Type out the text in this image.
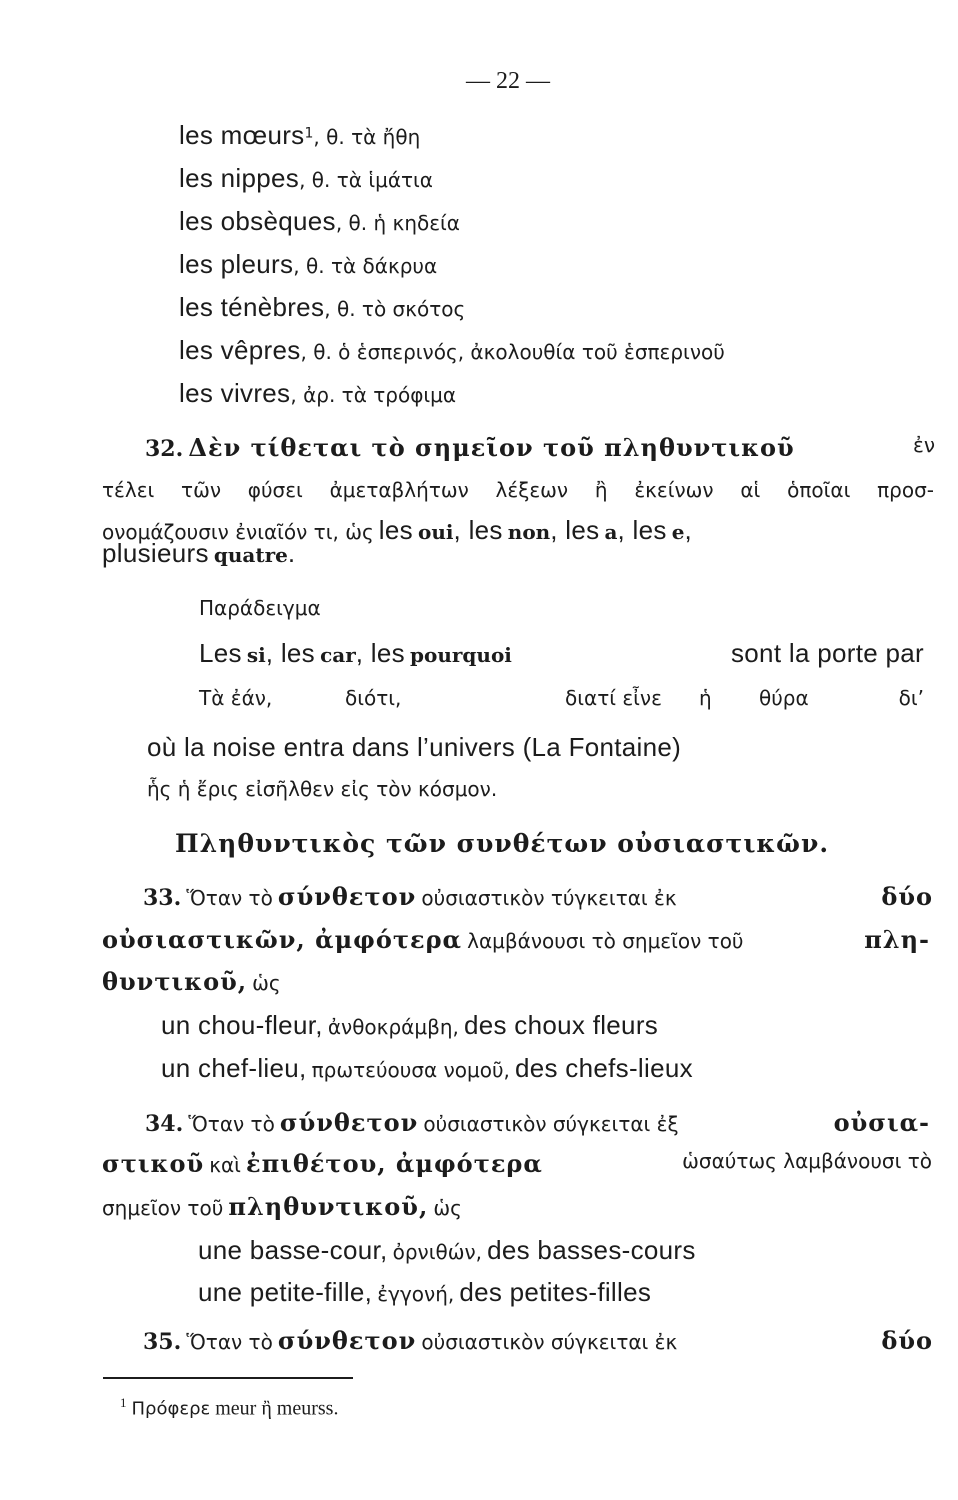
— 22 —
les mœurs$^1$, θ. τὰ ἤθη
les nippes, θ. τὰ ἱμάτια
les obsèques, θ. ἡ κηδεία
les pleurs, θ. τὰ δάκρυα
les ténèbres, θ. τὸ σκότος
les vêpres, θ. ὁ ἑσπερινός, ἀκολουθία τοῦ ἑσπερινοῦ
les vivres, ἀρ. τὰ τρόφιμα
32. Δὲν τίθεται τὸ σημεῖον τοῦ πληθυντικοῦ	ἐν
τέλει τῶν φύσει ἀμεταβλήτων λέξεων ἢ ἐκείνων αἱ ὁποῖαι προσ-
ονομάζουσιν ἐνιαῖόν τι, ὡς les oui, les non, les a, les e,
plusieurs quatre.
Παράδειγμα
Les si, les car, les pourquoi	sont la porte par
Τὰ ἐάν,	διότι,	διατί εἶνε ἡ θύρα	δι’
où la noise entra dans l’univers (La Fontaine)
ἧς ἡ ἔρις εἰσῆλθεν εἰς τὸν κόσμον.
Πληθυντικὸς τῶν συνθέτων οὐσιαστικῶν.
33. Ὅταν τὸ σύνθετον οὐσιαστικὸν τύγκειται ἐκ	δύο
οὐσιαστικῶν, ἀμφότερα λαμβάνουσι τὸ σημεῖον τοῦ	πλη-
θυντικοῦ, ὡς
un chou-fleur, ἀνθοκράμβη, des choux fleurs
un chef-lieu, πρωτεύουσα νομοῦ, des chefs-lieux
34. Ὅταν τὸ σύνθετον οὐσιαστικὸν σύγκειται ἐξ	οὐσια-
στικοῦ καὶ ἐπιθέτου, ἀμφότερα	ὡσαύτως λαμβάνουσι τὸ
σημεῖον τοῦ πληθυντικοῦ, ὡς
une basse-cour, ὀρνιθών, des basses-cours
une petite-fille, ἐγγονή, des petites-filles
35. Ὅταν τὸ σύνθετον οὐσιαστικὸν σύγκειται ἐκ	δύο
$^1$ Πρόφερε meur ἢ meurss.
